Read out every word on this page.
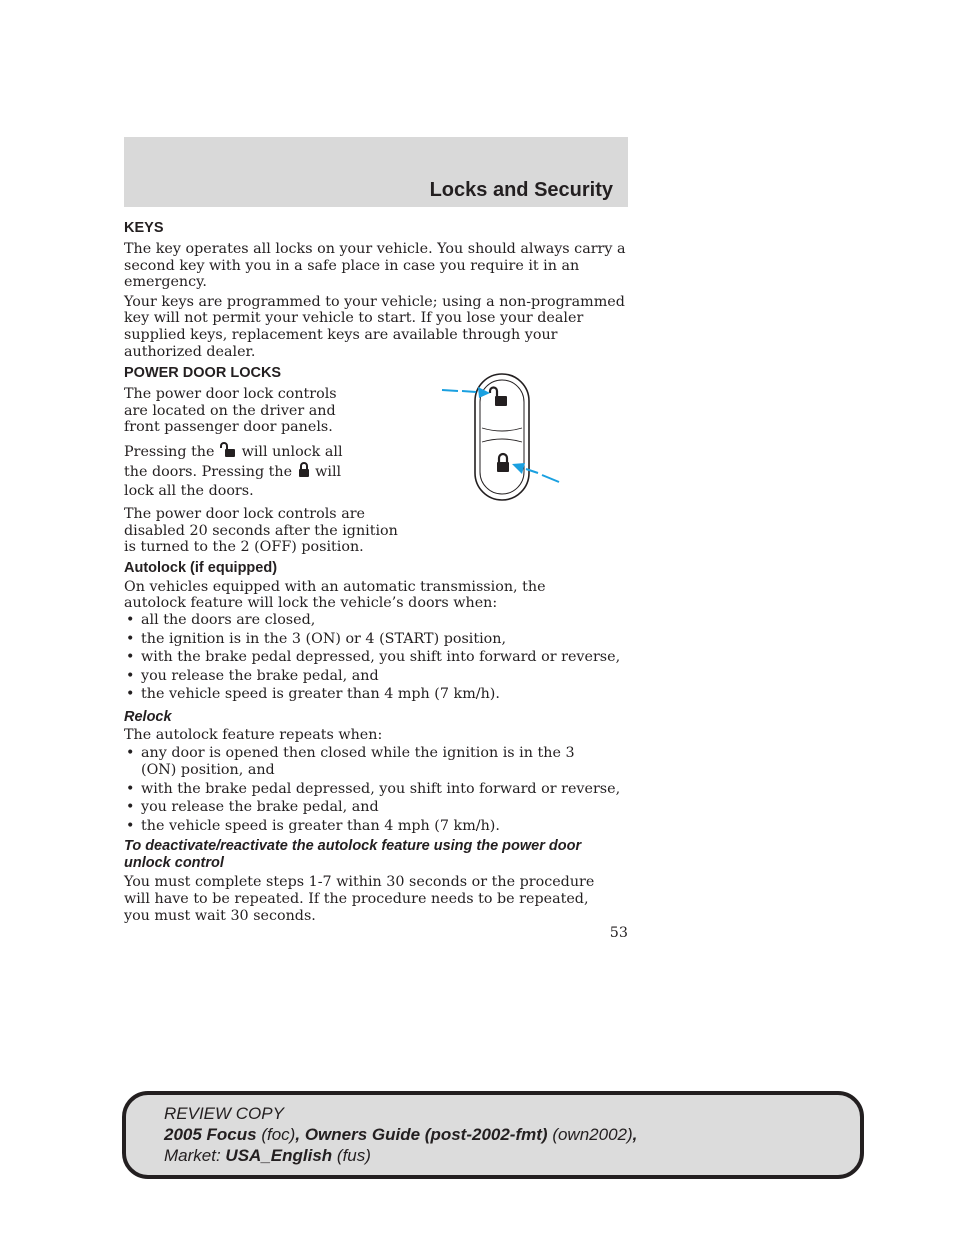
Locks and Security

KEYS

The key operates all locks on your vehicle. You should always carry a second key with you in a safe place in case you require it in an emergency.

Your keys are programmed to your vehicle; using a non-programmed key will not permit your vehicle to start. If you lose your dealer supplied keys, replacement keys are available through your authorized dealer.

POWER DOOR LOCKS

The power door lock controls are located on the driver and front passenger door panels.

Pressing the will unlock all the doors. Pressing the will lock all the doors.

The power door lock controls are disabled 20 seconds after the ignition is turned to the 2 (OFF) position.

Autolock (if equipped)

On vehicles equipped with an automatic transmission, the autolock feature will lock the vehicle’s doors when:

• all the doors are closed,
• the ignition is in the 3 (ON) or 4 (START) position,
• with the brake pedal depressed, you shift into forward or reverse,
• you release the brake pedal, and
• the vehicle speed is greater than 4 mph (7 km/h).

Relock

The autolock feature repeats when:

• any door is opened then closed while the ignition is in the 3 (ON) position, and
• with the brake pedal depressed, you shift into forward or reverse,
• you release the brake pedal, and
• the vehicle speed is greater than 4 mph (7 km/h).

To deactivate/reactivate the autolock feature using the power door unlock control

You must complete steps 1-7 within 30 seconds or the procedure will have to be repeated. If the procedure needs to be repeated, you must wait 30 seconds.

53
REVIEW COPY
2005 Focus (foc), Owners Guide (post-2002-fmt) (own2002),
Market: USA_English (fus)
